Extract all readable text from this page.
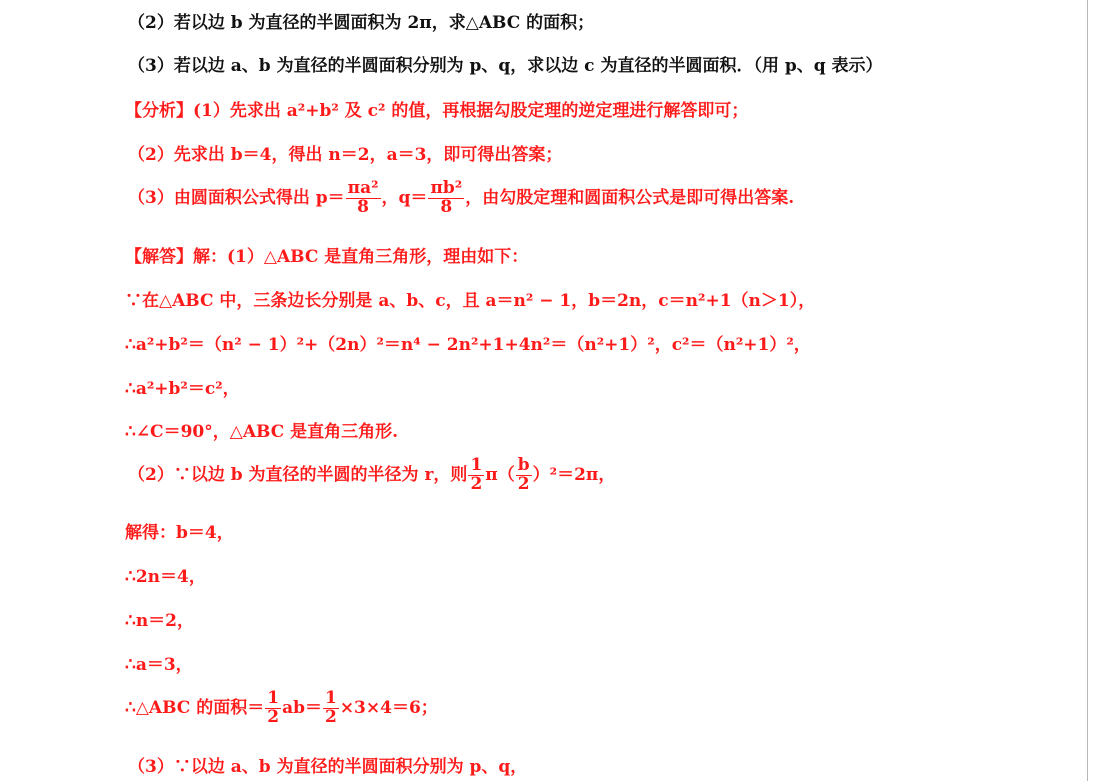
（2）若以边 b 为直径的半圆面积为 2π，求△ABC 的面积；
（3）若以边 a、b 为直径的半圆面积分别为 p、q，求以边 c 为直径的半圆面积．（用 p、q 表示）
【分析】(1）先求出 a²+b² 及 c² 的值，再根据勾股定理的逆定理进行解答即可；
（2）先求出 b＝4，得出 n＝2，a＝3，即可得出答案；
（3）由圆面积公式得出 $p= \frac{\text{πa²}}{8}$ ，$q= \frac{\text{πb²}}{8}$ ，由勾股定理和圆面积公式是即可得出答案.
【解答】解：(1）△ABC 是直角三角形，理由如下：
∵在△ABC 中，三条边长分别是 a、b、c，且 a＝n² − 1，b＝2n，c＝n²+1（n＞1），
∴a²+b²＝（n² − 1）²+（2n）²＝n⁴ − 2n²+1+4n²＝（n²+1）²，c²＝（n²+1）²，
∴a²+b²＝c²，
∴∠C＝90°，△ABC 是直角三角形.
（2）∵以边 b 为直径的半圆的半径为 r，则 $\frac{1}{2} \pi( \frac{b}{2} )^2=2\pi$，
解得：b＝4，
∴2n＝4，
∴n＝2，
∴a＝3，
∴△ABC 的面积＝ $\frac{1}{2} ab= \frac{1}{2} \times 3\times 4=6$；
（3）∵以边 a、b 为直径的半圆面积分别为 p、q，
